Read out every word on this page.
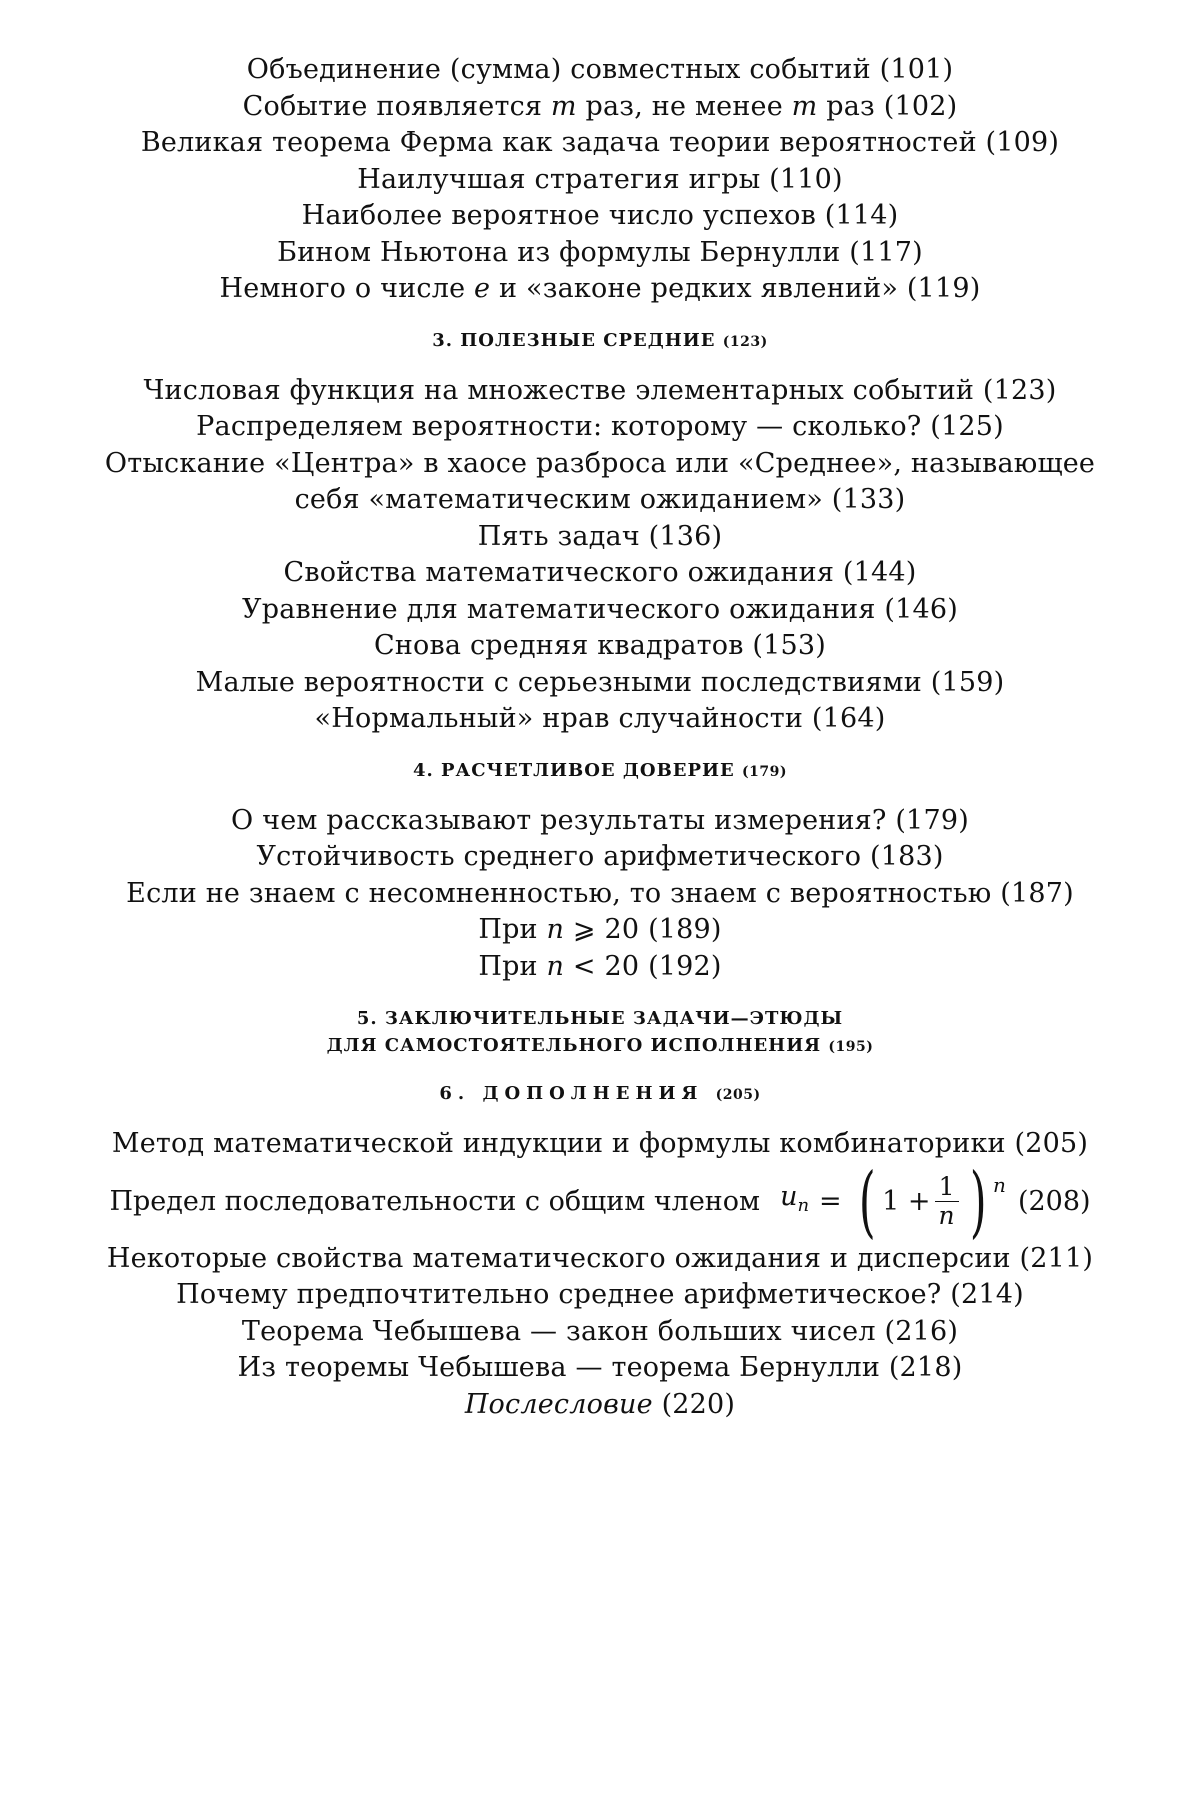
Объединение (сумма) совместных событий (101)
Событие появляется m раз, не менее m раз (102)
Великая теорема Ферма как задача теории вероятностей (109)
Наилучшая стратегия игры (110)
Наиболее вероятное число успехов (114)
Бином Ньютона из формулы Бернулли (117)
Немного о числе e и «законе редких явлений» (119)
3. ПОЛЕЗНЫЕ СРЕДНИЕ (123)
Числовая функция на множестве элементарных событий (123)
Распределяем вероятности: которому — сколько? (125)
Отыскание «Центра» в хаосе разброса или «Среднее», называющее
себя «математическим ожиданием» (133)
Пять задач (136)
Свойства математического ожидания (144)
Уравнение для математического ожидания (146)
Снова средняя квадратов (153)
Малые вероятности с серьезными последствиями (159)
«Нормальный» нрав случайности (164)
4. РАСЧЕТЛИВОЕ ДОВЕРИЕ (179)
О чем рассказывают результаты измерения? (179)
Устойчивость среднего арифметического (183)
Если не знаем с несомненностью, то знаем с вероятностью (187)
При n ⩾ 20 (189)
При n < 20 (192)
5. ЗАКЛЮЧИТЕЛЬНЫЕ ЗАДАЧИ—ЭТЮДЫ
ДЛЯ САМОСТОЯТЕЛЬНОГО ИСПОЛНЕНИЯ (195)
6. ДОПОЛНЕНИЯ (205)
Метод математической индукции и формулы комбинаторики (205)
Предел последовательности с общим членом $u_n$ = ( $1 + \frac{1}{n}$ ) n
(208)
Некоторые свойства математического ожидания и дисперсии (211)
Почему предпочтительно среднее арифметическое? (214)
Теорема Чебышева — закон больших чисел (216)
Из теоремы Чебышева — теорема Бернулли (218)
Послесловие (220)
